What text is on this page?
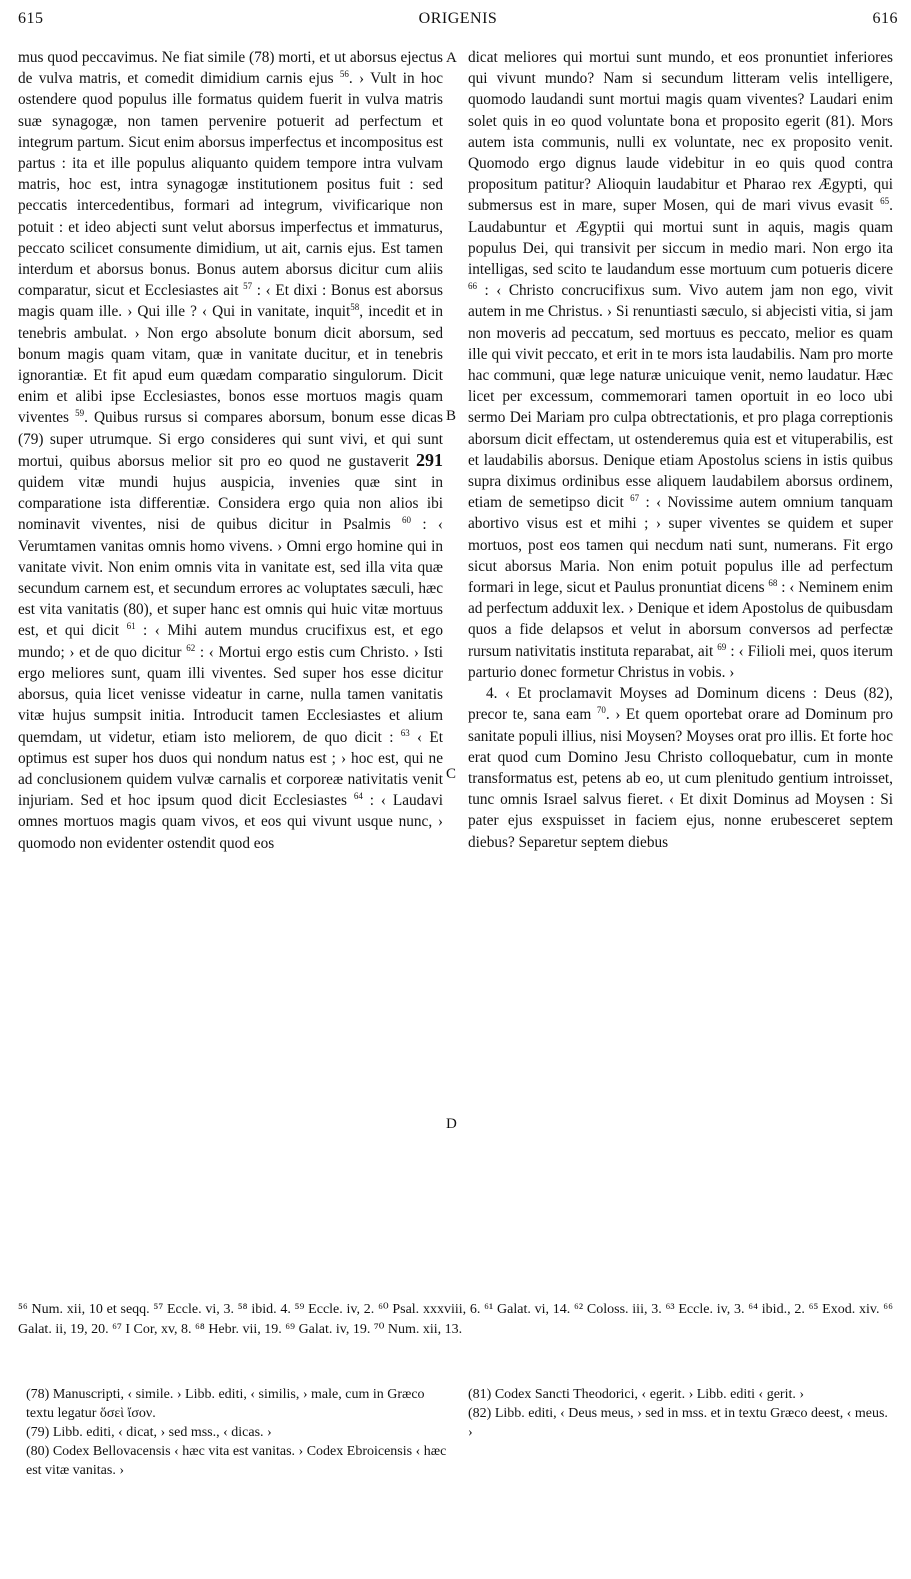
615	ORIGENIS	616
A
B
C
D

mus quod peccavimus. Ne fiat simile (78) morti, et ut aborsus ejectus de vulva matris, et comedit dimidium carnis ejus $^{56}$. › Vult in hoc ostendere quod populus ille formatus quidem fuerit in vulva matris suæ synagogæ, non tamen pervenire potuerit ad perfectum et integrum partum. Sicut enim aborsus imperfectus et incompositus est partus : ita et ille populus aliquanto quidem tempore intra vulvam matris, hoc est, intra synagogæ institutionem positus fuit : sed peccatis intercedentibus, formari ad integrum, vivificarique non potuit : et ideo abjecti sunt velut aborsus imperfectus et immaturus, peccato scilicet consumente dimidium, ut ait, carnis ejus. Est tamen interdum et aborsus bonus. Bonus autem aborsus dicitur cum aliis comparatur, sicut et Ecclesiastes ait $^{57}$ : ‹ Et dixi : Bonus est aborsus magis quam ille. › Qui ille ? ‹ Qui in vanitate, inquit$^{58}$, incedit et in tenebris ambulat. › Non ergo absolute bonum dicit aborsum, sed bonum magis quam vitam, quæ in vanitate ducitur, et in tenebris ignorantiæ. Et fit apud eum quædam comparatio singulorum. Dicit enim et alibi ipse Ecclesiastes, bonos esse mortuos magis quam viventes $^{59}$. Quibus rursus si compares aborsum, bonum esse dicas (79) super utrumque. Si ergo consideres qui sunt vivi, et qui sunt mortui, quibus aborsus melior sit pro eo quod ne gustaverit 291 quidem vitæ mundi hujus auspicia, invenies quæ sint in comparatione ista differentiæ. Considera ergo quia non alios ibi nominavit viventes, nisi de quibus dicitur in Psalmis $^{60}$ : ‹ Verumtamen vanitas omnis homo vivens. › Omni ergo homine qui in vanitate vivit. Non enim omnis vita in vanitate est, sed illa vita quæ secundum carnem est, et secundum errores ac voluptates sæculi, hæc est vita vanitatis (80), et super hanc est omnis qui huic vitæ mortuus est, et qui dicit $^{61}$ : ‹ Mihi autem mundus crucifixus est, et ego mundo; › et de quo dicitur $^{62}$ : ‹ Mortui ergo estis cum Christo. › Isti ergo meliores sunt, quam illi viventes. Sed super hos esse dicitur aborsus, quia licet venisse videatur in carne, nulla tamen vanitatis vitæ hujus sumpsit initia. Introducit tamen Ecclesiastes et alium quemdam, ut videtur, etiam isto meliorem, de quo dicit : $^{63}$ ‹ Et optimus est super hos duos qui nondum natus est ; › hoc est, qui ne ad conclusionem quidem vulvæ carnalis et corporeæ nativitatis venit injuriam. Sed et hoc ipsum quod dicit Ecclesiastes $^{64}$ : ‹ Laudavi omnes mortuos magis quam vivos, et eos qui vivunt usque nunc, › quomodo non evidenter ostendit quod eos

dicat meliores qui mortui sunt mundo, et eos pronuntiet inferiores qui vivunt mundo? Nam si secundum litteram velis intelligere, quomodo laudandi sunt mortui magis quam viventes? Laudari enim solet quis in eo quod voluntate bona et proposito egerit (81). Mors autem ista communis, nulli ex voluntate, nec ex proposito venit. Quomodo ergo dignus laude videbitur in eo quis quod contra propositum patitur? Alioquin laudabitur et Pharao rex Ægypti, qui submersus est in mare, super Mosen, qui de mari vivus evasit $^{65}$. Laudabuntur et Ægyptii qui mortui sunt in aquis, magis quam populus Dei, qui transivit per siccum in medio mari. Non ergo ita intelligas, sed scito te laudandum esse mortuum cum potueris dicere $^{66}$ : ‹ Christo concrucifixus sum. Vivo autem jam non ego, vivit autem in me Christus. › Si renuntiasti sæculo, si abjecisti vitia, si jam non moveris ad peccatum, sed mortuus es peccato, melior es quam ille qui vivit peccato, et erit in te mors ista laudabilis. Nam pro morte hac communi, quæ lege naturæ unicuique venit, nemo laudatur. Hæc licet per excessum, commemorari tamen oportuit in eo loco ubi sermo Dei Mariam pro culpa obtrectationis, et pro plaga correptionis aborsum dicit effectam, ut ostenderemus quia est et vituperabilis, est et laudabilis aborsus. Denique etiam Apostolus sciens in istis quibus supra diximus ordinibus esse aliquem laudabilem aborsus ordinem, etiam de semetipso dicit $^{67}$ : ‹ Novissime autem omnium tanquam abortivo visus est et mihi ; › super viventes se quidem et super mortuos, post eos tamen qui necdum nati sunt, numerans. Fit ergo sicut aborsus Maria. Non enim potuit populus ille ad perfectum formari in lege, sicut et Paulus pronuntiat dicens $^{68}$ : ‹ Neminem enim ad perfectum adduxit lex. › Denique et idem Apostolus de quibusdam quos a fide delapsos et velut in aborsum conversos ad perfectæ rursum nativitatis instituta reparabat, ait $^{69}$ : ‹ Filioli mei, quos iterum parturio donec formetur Christus in vobis. ›

4. ‹ Et proclamavit Moyses ad Dominum dicens : Deus (82), precor te, sana eam $^{70}$. › Et quem oportebat orare ad Dominum pro sanitate populi illius, nisi Moysen? Moyses orat pro illis. Et forte hoc erat quod cum Domino Jesu Christo colloquebatur, cum in monte transformatus est, petens ab eo, ut cum plenitudo gentium introisset, tunc omnis Israel salvus fieret. ‹ Et dixit Dominus ad Moysen : Si pater ejus exspuisset in faciem ejus, nonne erubesceret septem diebus? Separetur septem diebus

⁵⁶ Num. xii, 10 et seqq. ⁵⁷ Eccle. vi, 3. ⁵⁸ ibid. 4. ⁵⁹ Eccle. iv, 2. ⁶⁰ Psal. xxxviii, 6. ⁶¹ Galat. vi, 14. ⁶² Coloss. iii, 3. ⁶³ Eccle. iv, 3. ⁶⁴ ibid., 2. ⁶⁵ Exod. xiv. ⁶⁶ Galat. ii, 19, 20. ⁶⁷ I Cor, xv, 8. ⁶⁸ Hebr. vii, 19. ⁶⁹ Galat. iv, 19. ⁷⁰ Num. xii, 13.

(78) Manuscripti, ‹ simile. › Libb. editi, ‹ similis, › male, cum in Græco textu legatur ὅσεὶ ἴσον.

(79) Libb. editi, ‹ dicat, › sed mss., ‹ dicas. ›

(80) Codex Bellovacensis ‹ hæc vita est vanitas. › Codex Ebroicensis ‹ hæc est vitæ vanitas. ›

(81) Codex Sancti Theodorici, ‹ egerit. › Libb. editi ‹ gerit. ›

(82) Libb. editi, ‹ Deus meus, › sed in mss. et in textu Græco deest, ‹ meus. ›
